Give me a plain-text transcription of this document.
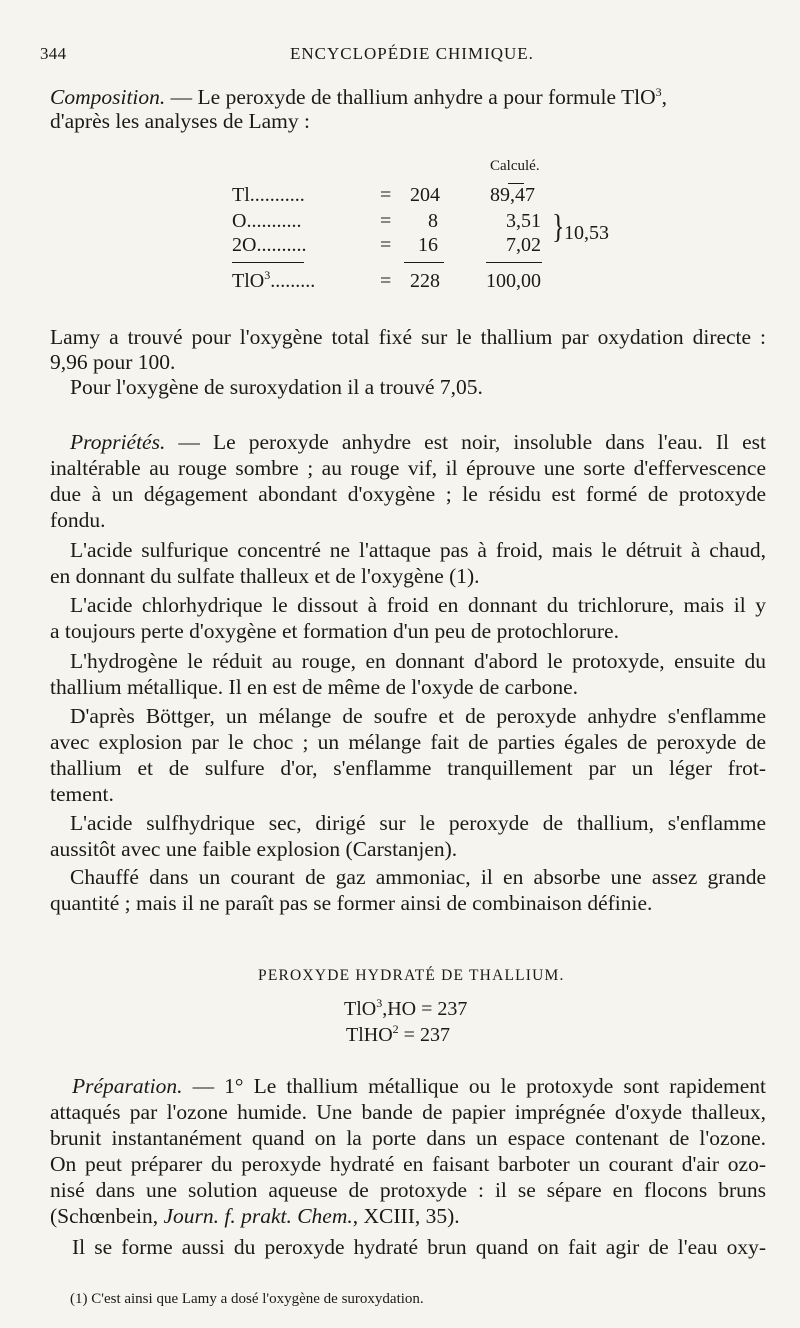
344	ENCYCLOPÉDIE CHIMIQUE.
Composition. — Le peroxyde de thallium anhydre a pour formule TlO$^3$,
d'après les analyses de Lamy :
Calculé.
Tl...........	= 204	89,47
O...........	= 8	3,51
2O..........	= 16	7,02 } 10,53
TlO$^3$.........	= 228 100,00
Lamy a trouvé pour l'oxygène total fixé sur le thallium par oxydation directe :
9,96 pour 100.
Pour l'oxygène de suroxydation il a trouvé 7,05.
Propriétés. — Le peroxyde anhydre est noir, insoluble dans l'eau. Il est
inaltérable au rouge sombre ; au rouge vif, il éprouve une sorte d'effervescence
due à un dégagement abondant d'oxygène ; le résidu est formé de protoxyde
fondu.
L'acide sulfurique concentré ne l'attaque pas à froid, mais le détruit à chaud,
en donnant du sulfate thalleux et de l'oxygène (1).
L'acide chlorhydrique le dissout à froid en donnant du trichlorure, mais il y
a toujours perte d'oxygène et formation d'un peu de protochlorure.
L'hydrogène le réduit au rouge, en donnant d'abord le protoxyde, ensuite du
thallium métallique. Il en est de même de l'oxyde de carbone.
D'après Böttger, un mélange de soufre et de peroxyde anhydre s'enflamme
avec explosion par le choc ; un mélange fait de parties égales de peroxyde de
thallium et de sulfure d'or, s'enflamme tranquillement par un léger frot-
tement.
L'acide sulfhydrique sec, dirigé sur le peroxyde de thallium, s'enflamme
aussitôt avec une faible explosion (Carstanjen).
Chauffé dans un courant de gaz ammoniac, il en absorbe une assez grande
quantité ; mais il ne paraît pas se former ainsi de combinaison définie.
PEROXYDE HYDRATÉ DE THALLIUM.
TlO$^3$,HO = 237
TlHO$^2$ = 237
Préparation. — 1° Le thallium métallique ou le protoxyde sont rapidement
attaqués par l'ozone humide. Une bande de papier imprégnée d'oxyde thalleux,
brunit instantanément quand on la porte dans un espace contenant de l'ozone.
On peut préparer du peroxyde hydraté en faisant barboter un courant d'air ozo-
nisé dans une solution aqueuse de protoxyde : il se sépare en flocons bruns
(Schœnbein, Journ. f. prakt. Chem., XCIII, 35).
Il se forme aussi du peroxyde hydraté brun quand on fait agir de l'eau oxy-
(1) C'est ainsi que Lamy a dosé l'oxygène de suroxydation.
